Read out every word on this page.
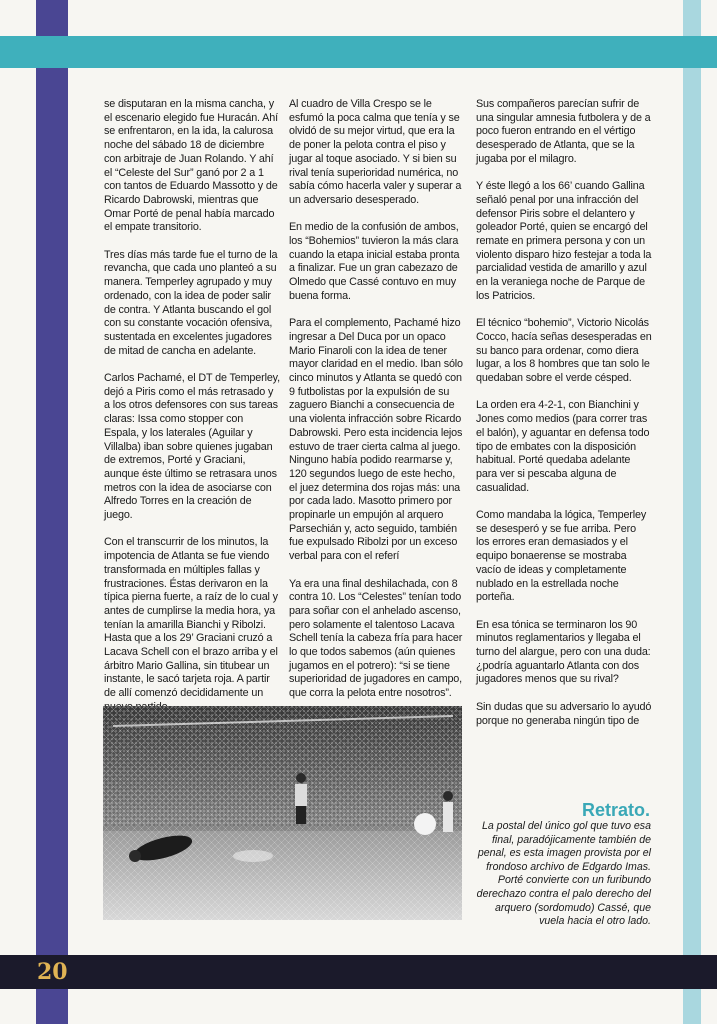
se disputaran en la misma cancha, y el escenario elegido fue Huracán. Ahí se enfrentaron, en la ida, la calurosa noche del sábado 18 de diciembre con arbitraje de Juan Rolando. Y ahí el “Celeste del Sur” ganó por 2 a 1 con tantos de Eduardo Massotto y de Ricardo Dabrowski, mientras que Omar Porté de penal había marcado el empate transitorio.

Tres días más tarde fue el turno de la revancha, que cada uno planteó a su manera. Temperley agrupado y muy ordenado, con la idea de poder salir de contra. Y Atlanta buscando el gol con su constante vocación ofensiva, sustentada en excelentes jugadores de mitad de cancha en adelante.

Carlos Pachamé, el DT de Temperley, dejó a Piris como el más retrasado y a los otros defensores con sus tareas claras: Issa como stopper con Espala, y los laterales (Aguilar y Villalba) iban sobre quienes jugaban de extremos, Porté y Graciani, aunque éste último se retrasara unos metros con la idea de asociarse con Alfredo Torres en la creación de juego.

Con el transcurrir de los minutos, la impotencia de Atlanta se fue viendo transformada en múltiples fallas y frustraciones. Éstas derivaron en la típica pierna fuerte, a raíz de lo cual y antes de cumplirse la media hora, ya tenían la amarilla Bianchi y Ribolzi. Hasta que a los 29’ Graciani cruzó a Lacava Schell con el brazo arriba y el árbitro Mario Gallina, sin titubear un instante, le sacó tarjeta roja. A partir de allí comenzó decididamente un

Al cuadro de Villa Crespo se le esfumó la poca calma que tenía y se olvidó de su mejor virtud, que era la de poner la pelota contra el piso y jugar al toque asociado. Y si bien su rival tenía superioridad numérica, no sabía cómo hacerla valer y superar a un adversario desesperado.

En medio de la confusión de ambos, los “Bohemios” tuvieron la más clara cuando la etapa inicial estaba pronta a finalizar. Fue un gran cabezazo de Olmedo que Cassé contuvo en muy buena forma.

Para el complemento, Pachamé hizo ingresar a Del Duca por un opaco Mario Finaroli con la idea de tener mayor claridad en el medio. Iban sólo cinco minutos y Atlanta se quedó con 9 futbolistas por la expulsión de su zaguero Bianchi a consecuencia de una violenta infracción sobre Ricardo Dabrowski. Pero esta incidencia lejos estuvo de traer cierta calma al juego. Ninguno había podido rearmarse y, 120 segundos luego de este hecho, el juez determina dos rojas más: una por cada lado. Masotto primero por propinarle un empujón al arquero Parsechián y, acto seguido, también fue expulsado Ribolzi por un exceso verbal para con el referí

Ya era una final deshilachada, con 8 contra 10. Los “Celestes” tenían todo para soñar con el anhelado ascenso, pero solamente el talentoso Lacava Schell tenía la cabeza fría para hacer lo que todos sabemos (aún quienes jugamos en el potrero): “si se tiene superioridad de jugadores en campo, que corra la pelota entre nosotros”.

Sus compañeros parecían sufrir de una singular amnesia futbolera y de a poco fueron entrando en el vértigo desesperado de Atlanta, que se la jugaba por el milagro.

Y éste llegó a los 66’ cuando Gallina señaló penal por una infracción del defensor Piris sobre el delantero y goleador Porté, quien se encargó del remate en primera persona y con un violento disparo hizo festejar a toda la parcialidad vestida de amarillo y azul en la veraniega noche de Parque de los Patricios.

El técnico “bohemio”, Victorio Nicolás Cocco, hacía señas desesperadas en su banco para ordenar, como diera lugar, a los 8 hombres que tan solo le quedaban sobre el verde césped.

La orden era 4-2-1, con Bianchini y Jones como medios (para correr tras el balón), y aguantar en defensa todo tipo de embates con la disposición habitual. Porté quedaba adelante para ver si pescaba alguna de casualidad.

Como mandaba la lógica, Temperley se desesperó y se fue arriba. Pero los errores eran demasiados y el equipo bonaerense se mostraba vacío de ideas y completamente nublado en la estrellada noche porteña.

En esa tónica se terminaron los 90 minutos reglamentarios y llegaba el turno del alargue, pero con una duda: ¿podría aguantarlo Atlanta con dos jugadores menos que su rival?

Sin dudas que su adversario lo ayudó porque no generaba ningún tipo de

Retrato.
La postal del único gol que tuvo esa final, paradójicamente también de penal, es esta imagen provista por el frondoso archivo de Edgardo Imas. Porté convierte con un furibundo derechazo contra el palo derecho del arquero (sordomudo) Cassé, que vuela hacia el otro lado.
20
